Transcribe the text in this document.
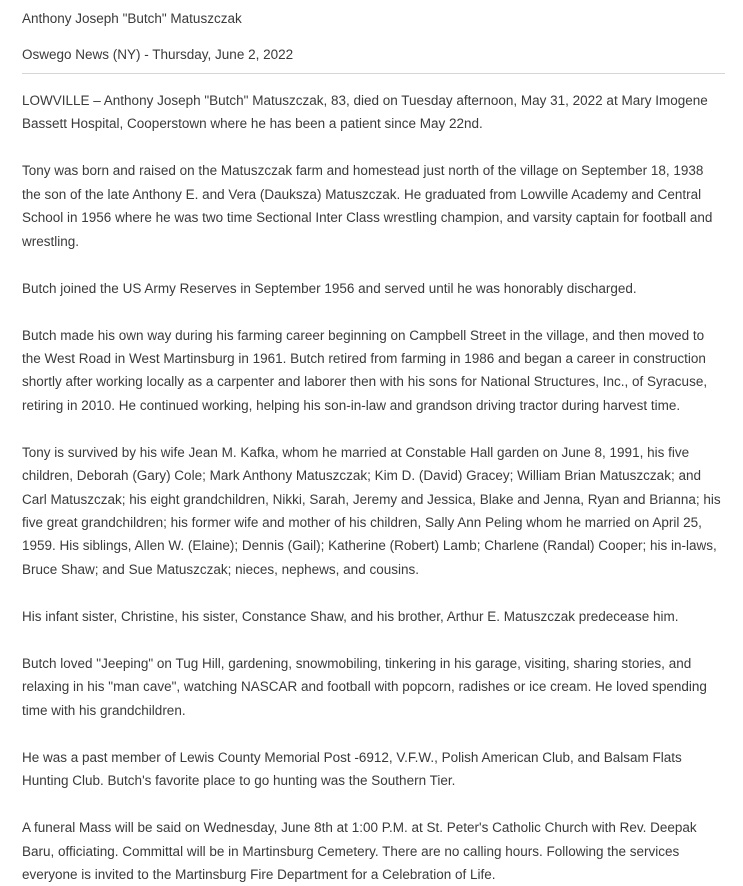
Anthony Joseph "Butch" Matuszczak

Oswego News (NY) - Thursday, June 2, 2022

LOWVILLE – Anthony Joseph "Butch" Matuszczak, 83, died on Tuesday afternoon, May 31, 2022 at Mary Imogene Bassett Hospital, Cooperstown where he has been a patient since May 22nd.

Tony was born and raised on the Matuszczak farm and homestead just north of the village on September 18, 1938 the son of the late Anthony E. and Vera (Dauksza) Matuszczak. He graduated from Lowville Academy and Central School in 1956 where he was two time Sectional Inter Class wrestling champion, and varsity captain for football and wrestling.

Butch joined the US Army Reserves in September 1956 and served until he was honorably discharged.

Butch made his own way during his farming career beginning on Campbell Street in the village, and then moved to the West Road in West Martinsburg in 1961. Butch retired from farming in 1986 and began a career in construction shortly after working locally as a carpenter and laborer then with his sons for National Structures, Inc., of Syracuse, retiring in 2010. He continued working, helping his son-in-law and grandson driving tractor during harvest time.

Tony is survived by his wife Jean M. Kafka, whom he married at Constable Hall garden on June 8, 1991, his five children, Deborah (Gary) Cole; Mark Anthony Matuszczak; Kim D. (David) Gracey; William Brian Matuszczak; and Carl Matuszczak; his eight grandchildren, Nikki, Sarah, Jeremy and Jessica, Blake and Jenna, Ryan and Brianna; his five great grandchildren; his former wife and mother of his children, Sally Ann Peling whom he married on April 25, 1959. His siblings, Allen W. (Elaine); Dennis (Gail); Katherine (Robert) Lamb; Charlene (Randal) Cooper; his in-laws, Bruce Shaw; and Sue Matuszczak; nieces, nephews, and cousins.

His infant sister, Christine, his sister, Constance Shaw, and his brother, Arthur E. Matuszczak predecease him.

Butch loved "Jeeping" on Tug Hill, gardening, snowmobiling, tinkering in his garage, visiting, sharing stories, and relaxing in his "man cave", watching NASCAR and football with popcorn, radishes or ice cream. He loved spending time with his grandchildren.

He was a past member of Lewis County Memorial Post -6912, V.F.W., Polish American Club, and Balsam Flats Hunting Club. Butch's favorite place to go hunting was the Southern Tier.

A funeral Mass will be said on Wednesday, June 8th at 1:00 P.M. at St. Peter's Catholic Church with Rev. Deepak Baru, officiating. Committal will be in Martinsburg Cemetery. There are no calling hours. Following the services everyone is invited to the Martinsburg Fire Department for a Celebration of Life.
